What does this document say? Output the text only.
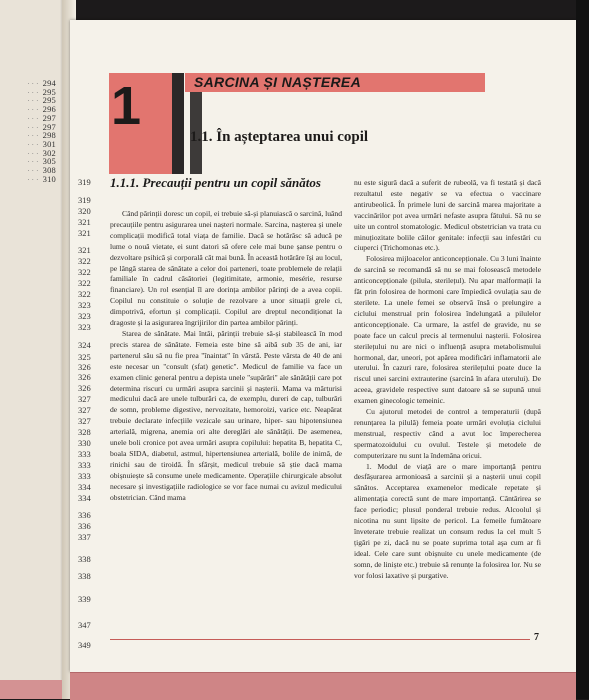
· · · 294
· · · 295
· · · 295
· · · 296
· · · 297
· · · 297
· · · 298
· · · 301
· · · 302
· · · 305
· · · 308
· · · 310	319
319
320
321
321
321
322
322
322
322
323
323
323
324
325
326
326
326
327
327
327
328
330
333
333
333
334
334
336
336
337
338
338
339
347
349
1	SARCINA ȘI NAȘTEREA
1.1. În așteptarea unui copil
1.1.1. Precauții pentru un copil sănătos

Când părinții doresc un copil, ei trebuie să-și planuiască o sarcină, luând precauțiile pentru asigurarea unei nașteri normale. Sarcina, nașterea și unele complicații modifică total viața de familie. Dacă se hotărăsc să aducă pe lume o nouă vietate, ei sunt datori să ofere cele mai bune șanse pentru o dezvoltare psihică și corporală cât mai bună. În această hotărâre își au locul, pe lângă starea de sănătate a celor doi parteneri, toate problemele de relații familiale în cadrul căsătoriei (legitimitate, armonie, mesérie, resurse financiare). Un rol esențial îl are dorința ambilor părinți de a avea copii. Copilul nu constituie o soluție de rezolvare a unor situații grele ci, dimpotrivă, efortun și complicații. Copilul are dreptul necondiționat la dragoste și la asigurarea îngrijirilor din partea ambilor părinți.

Starea de sănătate. Mai întâi, părinții trebuie să-și stabilească în mod precis starea de sănătate. Femeia este bine să aibă sub 35 de ani, iar partenerul său să nu fie prea "înaintat" în vârstă. Peste vârsta de 40 de ani este necesar un "consult (sfat) genetic". Medicul de familie va face un examen clinic general pentru a depista unele "supărări" ale sănătății care pot determina riscuri cu urmări asupra sarcinii și nașterii. Mama va mărturisi medicului dacă are unele tulburări ca, de exemplu, dureri de cap, tulburări de somn, probleme digestive, nervozitate, hemoroizi, varice etc. Neapărat trebuie declarate infecțiile vezicale sau urinare, hiper- sau hipotensiunea arterială, migrena, anemia ori alte dereglări ale sănătății. De asemenea, unele boli cronice pot avea urmări asupra copilului: hepatita B, hepatita C, boala SIDA, diabetul, astmul, hipertensiunea arterială, bolile de inimă, de rinichi sau de tiroidă. În sfârșit, medicul trebuie să știe dacă mama obișnuiește să consume unele medicamente. Operațiile chirurgicale absolut necesare și investigațiile radiologice se vor face numai cu avizul medicului obstetrician. Când mama

nu este sigură dacă a suferit de rubeolă, va fi testată și dacă rezultatul este negativ se va efectua o vaccinare antirubeolică. În primele luni de sarcină marea majoritate a vaccinărilor pot avea urmări nefaste asupra fătului. Să nu se uite un control stomatologic. Medicul obstetrician va trata cu minuțiozitate bolile căilor genitale: infecții sau infestări cu ciuperci (Trichomonas etc.).

Folosirea mijloacelor anticoncepționale. Cu 3 luni înainte de sarcină se recomandă să nu se mai folosească metodele anticoncepționale (pilula, sterilețul). Nu apar malformații la făt prin folosirea de hormoni care împiedică ovulația sau de sterilete. La unele femei se observă însă o prelungire a ciclului menstrual prin folosirea îndelungată a pilulelor anticoncepționale. Ca urmare, la astfel de gravide, nu se poate face un calcul precis al termenului nașterii. Folosirea sterilețului nu are nici o influență asupra metabolismului hormonal, dar, uneori, pot apărea modificări inflamatorii ale uterului. În cazuri rare, folosirea sterilețului poate duce la riscul unei sarcini extrauterine (sarcină în afara uterului). De aceea, gravidele respective sunt datoare să se supună unui examen ginecologic temeinic.

Cu ajutorul metodei de control a temperaturii (după renunțarea la pilulă) femeia poate urmări evoluția ciclului menstrual, respectiv când a avut loc împerecherea spermatozoidului cu ovulul. Testele și metodele de computerizare nu sunt la îndemâna oricui.

1. Modul de viață are o mare importanță pentru desfășurarea armonioasă a sarcinii și a nașterii unui copil sănătos. Acceptarea examenelor medicale repetate și alimentația corectă sunt de mare importanță. Cântărirea se face periodic; plusul ponderal trebuie redus. Alcoolul și nicotina nu sunt lipsite de pericol. La femeile fumătoare înveterate trebuie realizat un consum redus la cel mult 5 țigări pe zi, dacă nu se poate suprima total aşa cum ar fi ideal. Cele care sunt obișnuite cu unele medicamente (de somn, de liniște etc.) trebuie să renunțe la folosirea lor. Nu se vor folosi laxative și purgative.

7
